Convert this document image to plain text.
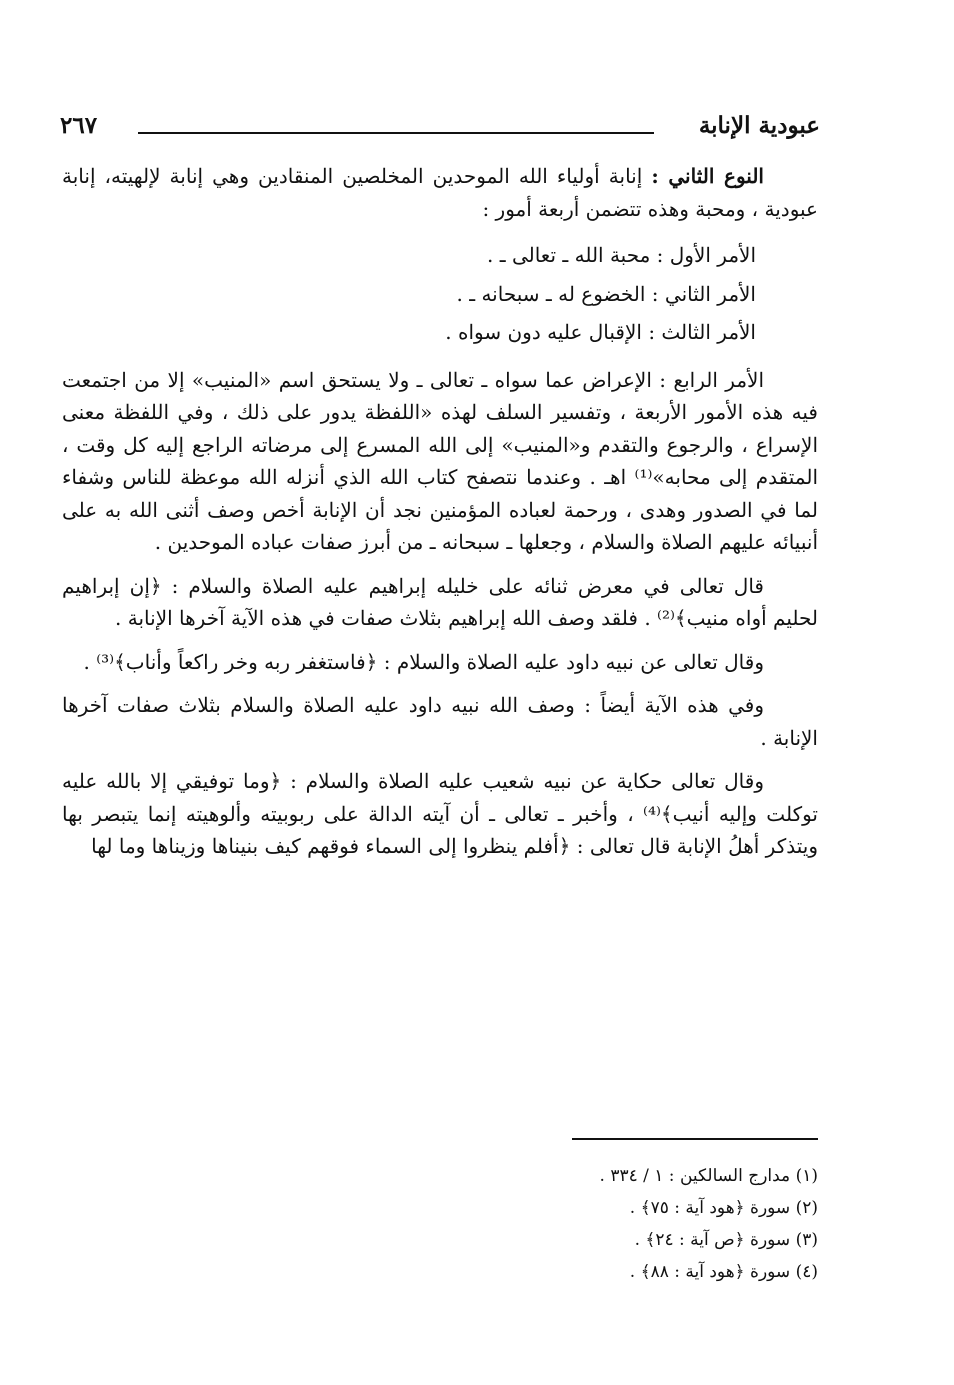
عبودية الإنابة
٢٦٧

النوع الثاني : إنابة أولياء الله الموحدين المخلصين المنقادين وهي إنابة لإلهيته، إنابة عبودية ، ومحبة وهذه تتضمن أربعة أمور :

الأمر الأول : محبة الله ـ تعالى ـ .
الأمر الثاني : الخضوع له ـ سبحانه ـ .
الأمر الثالث : الإقبال عليه دون سواه .

الأمر الرابع : الإعراض عما سواه ـ تعالى ـ ولا يستحق اسم «المنيب» إلا من اجتمعت فيه هذه الأمور الأربعة ، وتفسير السلف لهذه «اللفظة يدور على ذلك ، وفي اللفظة معنى الإسراع ، والرجوع والتقدم و«المنيب» إلى الله المسرع إلى مرضاته الراجع إليه كل وقت ، المتقدم إلى محابه»⁽¹⁾ اهـ . وعندما نتصفح كتاب الله الذي أنزله الله موعظة للناس وشفاء لما في الصدور وهدى ، ورحمة لعباده المؤمنين نجد أن الإنابة أخص وصف أثنى الله به على أنبيائه عليهم الصلاة والسلام ، وجعلها ـ سبحانه ـ من أبرز صفات عباده الموحدين .

قال تعالى في معرض ثنائه على خليله إبراهيم عليه الصلاة والسلام : ﴿إن إبراهيم لحليم أواه منيب﴾⁽²⁾ . فلقد وصف الله إبراهيم بثلاث صفات في هذه الآية آخرها الإنابة .

وقال تعالى عن نبيه داود عليه الصلاة والسلام : ﴿فاستغفر ربه وخر راكعاً وأناب﴾⁽³⁾ .

وفي هذه الآية أيضاً : وصف الله نبيه داود عليه الصلاة والسلام بثلاث صفات آخرها الإنابة .

وقال تعالى حكاية عن نبيه شعيب عليه الصلاة والسلام : ﴿وما توفيقي إلا بالله عليه توكلت وإليه أنيب﴾⁽⁴⁾ ، وأخبر ـ تعالى ـ أن آيته الدالة على ربوبيته وألوهيته إنما يتبصر بها ويتذكر أهلُ الإنابة قال تعالى : ﴿أفلم ينظروا إلى السماء فوقهم كيف بنيناها وزيناها وما لها

(١) مدارج السالكين : ١ / ٣٣٤ .
(٢) سورة ﴿هود آية : ٧٥﴾ .
(٣) سورة ﴿ص آية : ٢٤﴾ .
(٤) سورة ﴿هود آية : ٨٨﴾ .
